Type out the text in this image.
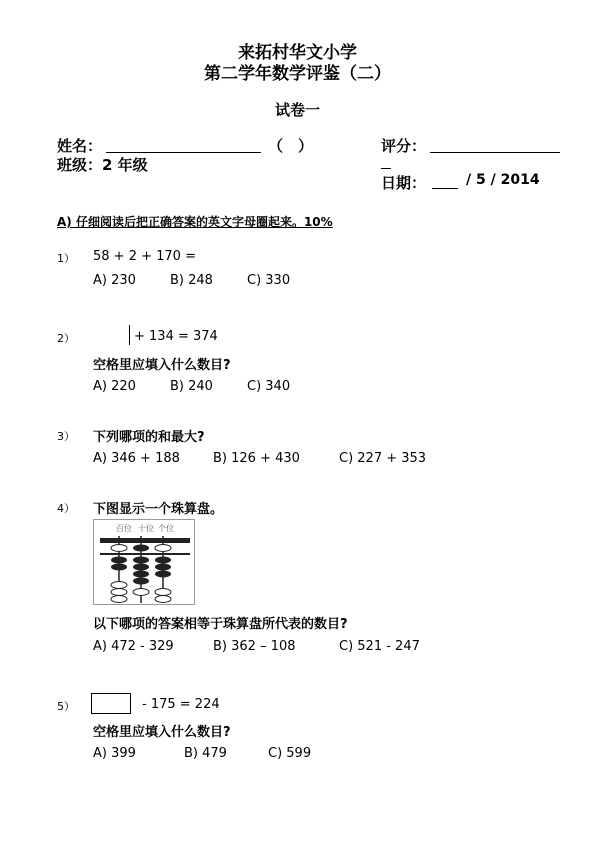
来拓村华文小学
第二学年数学评鉴（二）
试卷一
姓名：	（　）	评分：
班级：2 年级
日期：	/ 5 / 2014
A) 仔细阅读后把正确答案的英文字母圈起来。10%
1） 58 + 2 + 170 =
A) 230	B) 248	C) 330
2）	+ 134 = 374
空格里应填入什么数目?
A) 220	B) 240	C) 340
3） 下列哪项的和最大?
A) 346 + 188	B) 126 + 430	C) 227 + 353
4） 下图显示一个珠算盘。
百位 十位 个位
以下哪项的答案相等于珠算盘所代表的数目?
A) 472 - 329	B) 362 – 108	C) 521 - 247
5）	- 175 = 224
空格里应填入什么数目?
A) 399	B) 479	C) 599
